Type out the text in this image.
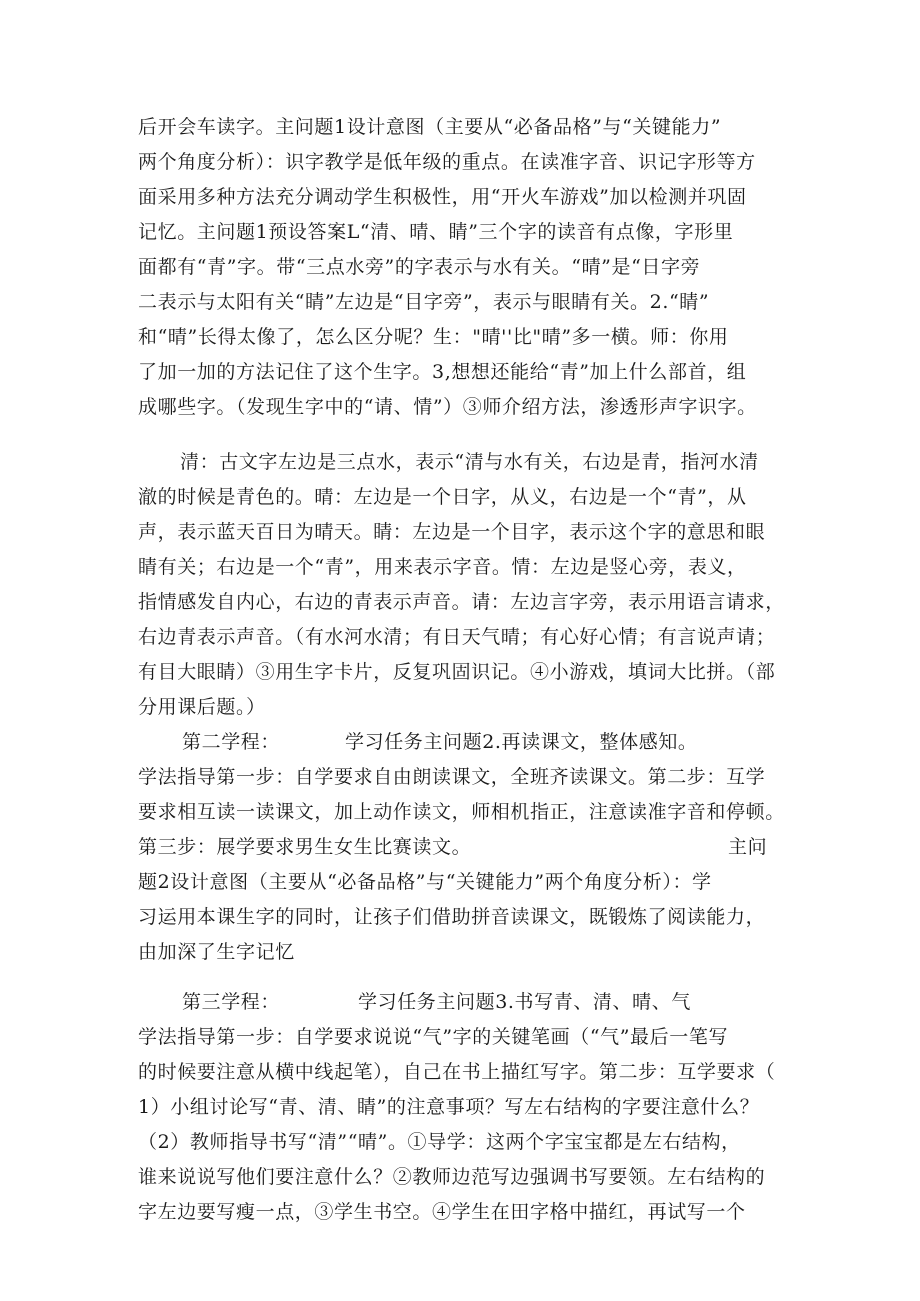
后开会车读字。主问题1设计意图（主要从“必备品格”与“关键能力”
两个角度分析）：识字教学是低年级的重点。在读准字音、识记字形等方
面采用多种方法充分调动学生积极性，用“开火车游戏”加以检测并巩固
记忆。主问题1预设答案L“清、晴、睛”三个字的读音有点像，字形里
面都有“青”字。带“三点水旁”的字表示与水有关。“晴”是“日字旁
二表示与太阳有关“睛”左边是“目字旁”，表示与眼睛有关。2.“睛”
和“晴”长得太像了，怎么区分呢？生："晴''比"晴”多一横。师：你用
了加一加的方法记住了这个生字。3,想想还能给“青”加上什么部首，组
成哪些字。（发现生字中的“请、情”）③师介绍方法，渗透形声字识字。
清：古文字左边是三点水，表示“清与水有关，右边是青，指河水清
澈的时候是青色的。晴：左边是一个日字，从义，右边是一个“青”，从
声，表示蓝天百日为晴天。睛：左边是一个目字，表示这个字的意思和眼
睛有关；右边是一个“青”，用来表示字音。情：左边是竖心旁，表义，
指情感发自内心，右边的青表示声音。请：左边言字旁，表示用语言请求，
右边青表示声音。（有水河水清；有日天气晴；有心好心情；有言说声请；
有目大眼睛）③用生字卡片，反复巩固识记。④小游戏，填词大比拼。（部
分用课后题。）
第二学程：	学习任务主问题2.再读课文，整体感知。
学法指导第一步：自学要求自由朗读课文，全班齐读课文。第二步：互学
要求相互读一读课文，加上动作读文，师相机指正，注意读准字音和停顿。
第三步：展学要求男生女生比赛读文。	主问
题2设计意图（主要从“必备品格”与“关键能力”两个角度分析）：学
习运用本课生字的同时，让孩子们借助拼音读课文，既锻炼了阅读能力，
由加深了生字记忆
第三学程：	学习任务主问题3.书写青、清、晴、气
学法指导第一步：自学要求说说“气”字的关键笔画（“气”最后一笔写
的时候要注意从横中线起笔），自己在书上描红写字。第二步：互学要求（
1）小组讨论写“青、清、睛”的注意事项？写左右结构的字要注意什么？
（2）教师指导书写“清”“晴”。①导学：这两个字宝宝都是左右结构，
谁来说说写他们要注意什么？②教师边范写边强调书写要领。左右结构的
字左边要写瘦一点，③学生书空。④学生在田字格中描红，再试写一个
